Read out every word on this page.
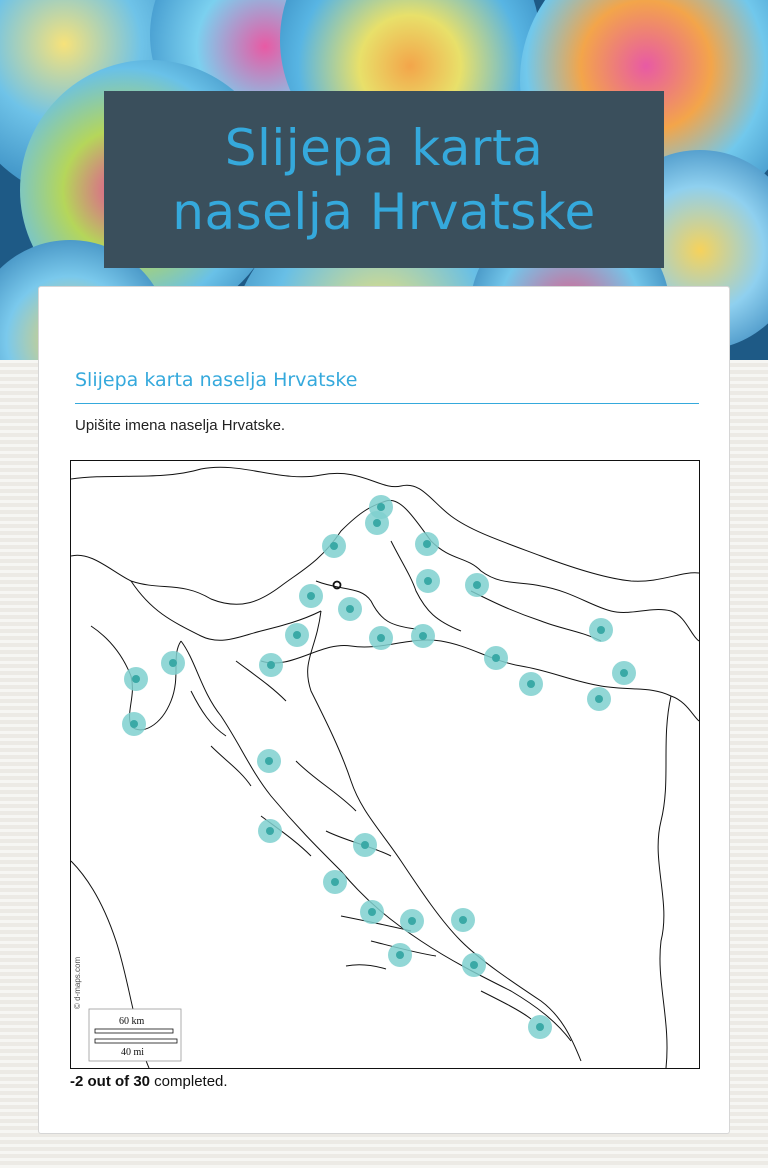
Slijepa karta
naselja Hrvatske
Slijepa karta naselja Hrvatske
Upišite imena naselja Hrvatske.
60 km
40 mi
© d-maps.com
-2 out of 30 completed.
